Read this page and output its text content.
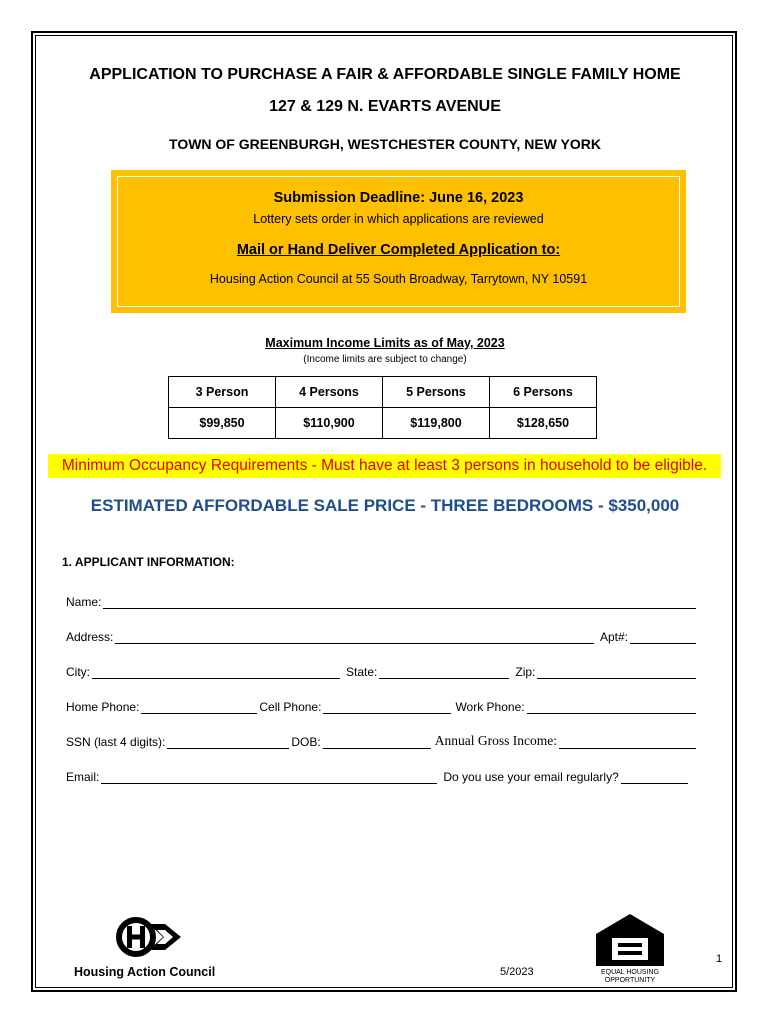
APPLICATION TO PURCHASE A FAIR & AFFORDABLE SINGLE FAMILY HOME
127 & 129 N. EVARTS AVENUE
TOWN OF GREENBURGH, WESTCHESTER COUNTY, NEW YORK
Submission Deadline: June 16, 2023
Lottery sets order in which applications are reviewed
Mail or Hand Deliver Completed Application to:
Housing Action Council at 55 South Broadway, Tarrytown, NY 10591
Maximum Income Limits as of May, 2023
(Income limits are subject to change)
3 Person	4 Persons	5 Persons	6 Persons
$99,850	$110,900	$119,800	$128,650
Minimum Occupancy Requirements - Must have at least 3 persons in household to be eligible.
ESTIMATED AFFORDABLE SALE PRICE - THREE BEDROOMS - $350,000
1. APPLICANT INFORMATION:
Name:
Address:	Apt#:
City:	State:	Zip:
Home Phone:	Cell Phone:	Work Phone:
SSN (last 4 digits):	DOB:	Annual Gross Income:
Email:	Do you use your email regularly?
Housing Action Council	5/2023	EQUAL HOUSING
OPPORTUNITY
1
